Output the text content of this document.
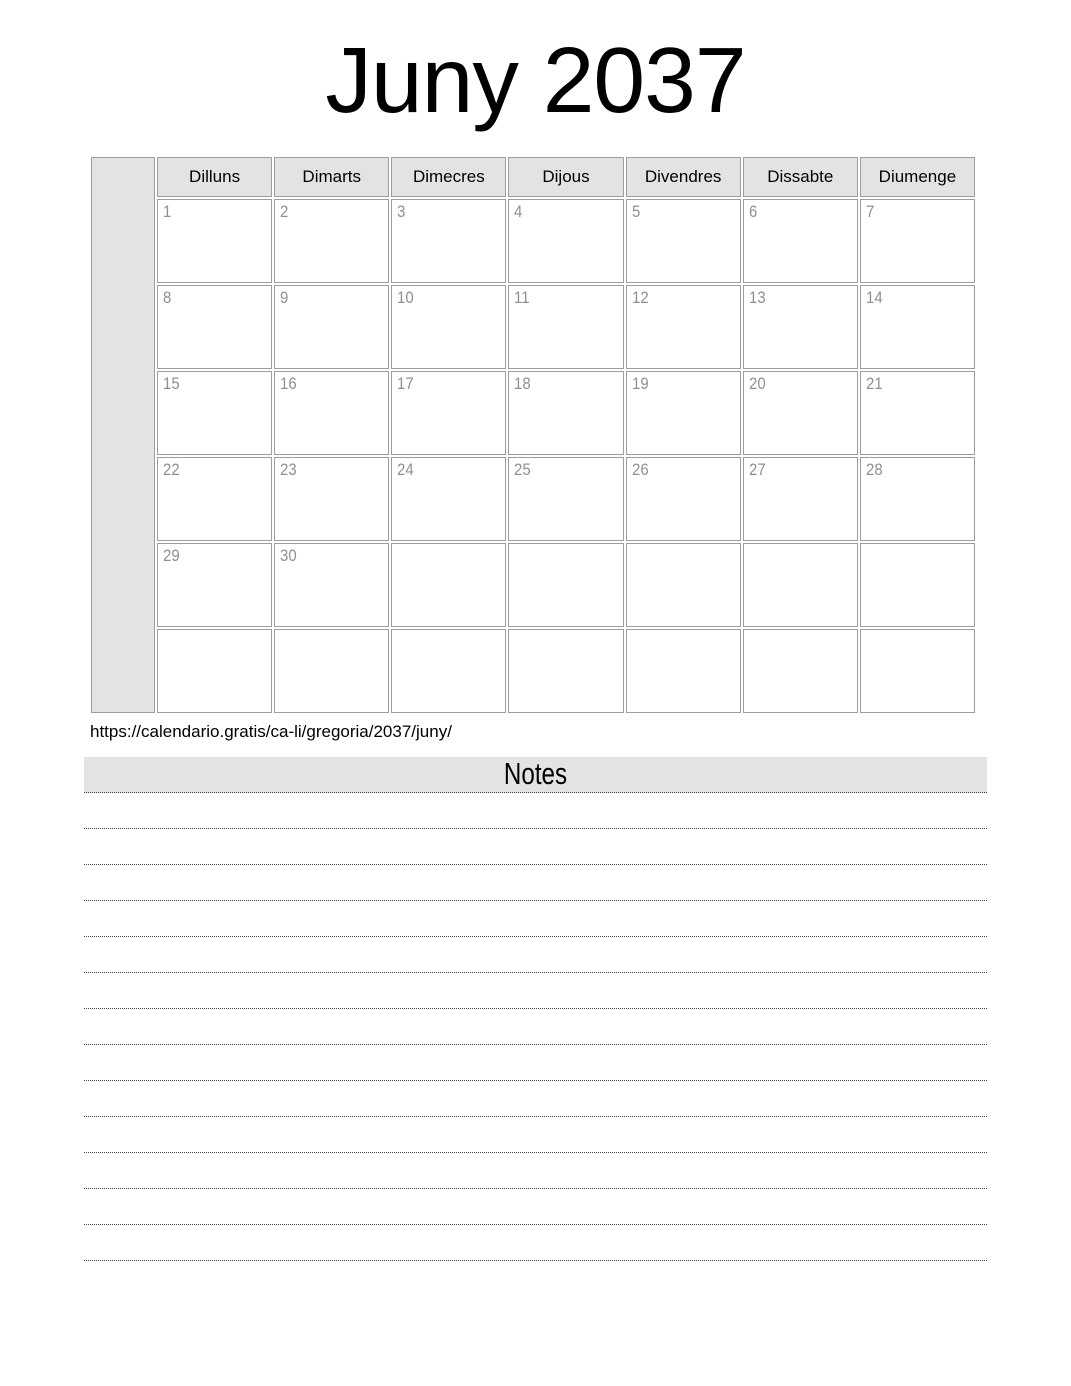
Juny 2037
	Dilluns	Dimarts	Dimecres	Dijous	Divendres	Dissabte	Diumenge
	1	2	3	4	5	6	7
	8	9	10	11	12	13	14
	15	16	17	18	19	20	21
	22	23	24	25	26	27	28
	29	30					

https://calendario.gratis/ca-li/gregoria/2037/juny/
Notes
